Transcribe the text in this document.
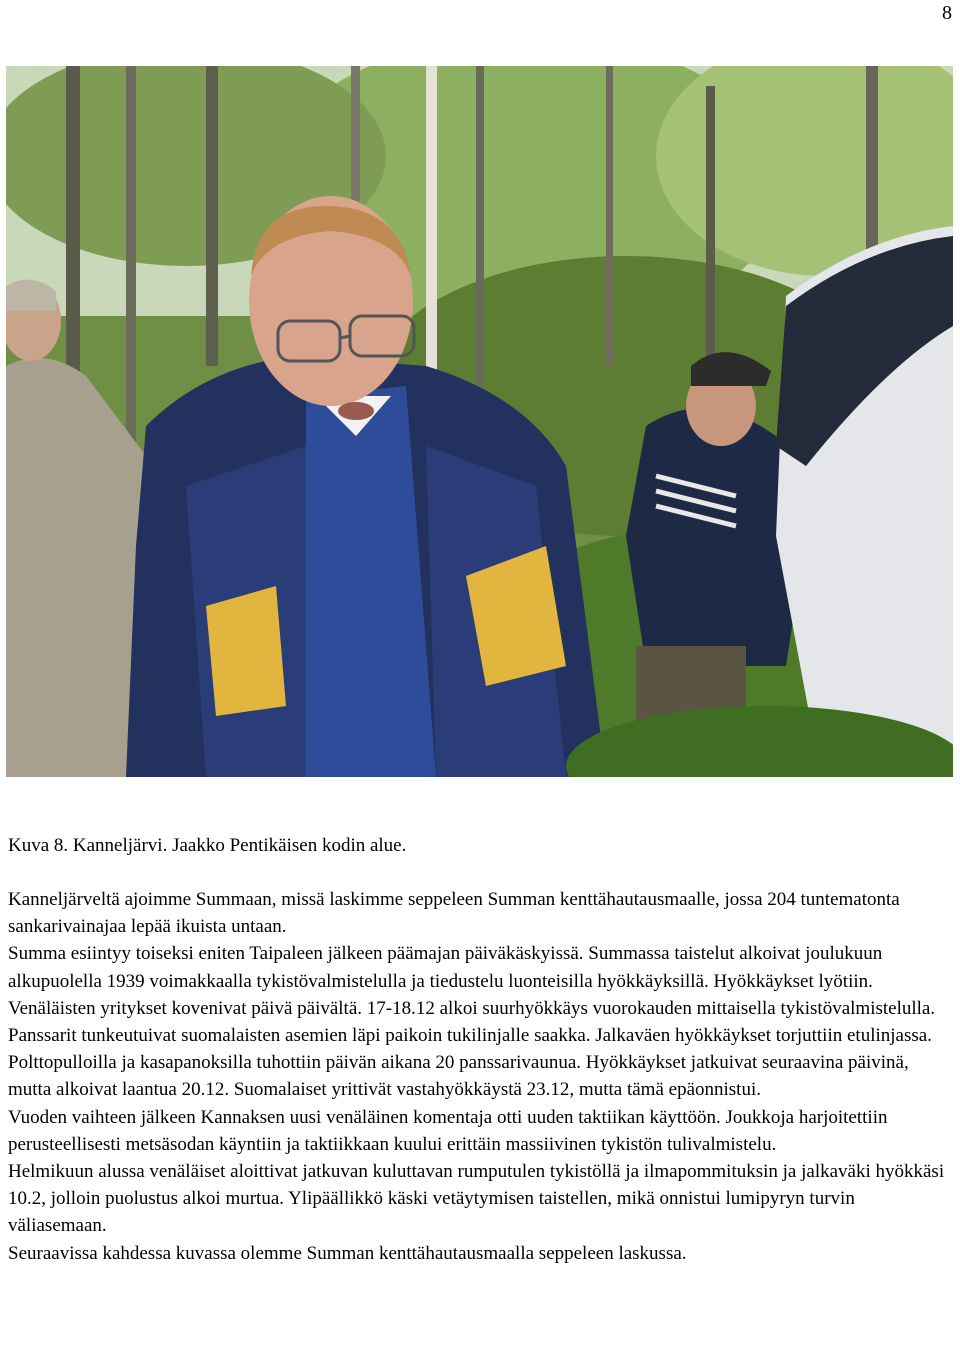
8
Kuva 8. Kanneljärvi. Jaakko Pentikäisen kodin alue.

Kanneljärveltä ajoimme Summaan, missä laskimme seppeleen Summan kenttähautausmaalle, jossa 204 tuntematonta sankarivainajaa lepää ikuista untaan.

Summa esiintyy toiseksi eniten Taipaleen jälkeen päämajan päiväkäskyissä. Summassa taistelut alkoivat joulukuun alkupuolella 1939 voimakkaalla tykistövalmistelulla ja tiedustelu luonteisilla hyökkäyksillä. Hyökkäykset lyötiin. Venäläisten yritykset kovenivat päivä päivältä. 17-18.12 alkoi suurhyökkäys vuorokauden mittaisella tykistövalmistelulla. Panssarit tunkeutuivat suomalaisten asemien läpi paikoin tukilinjalle saakka. Jalkaväen hyökkäykset torjuttiin etulinjassa. Polttopulloilla ja kasapanoksilla tuhottiin päivän aikana 20 panssarivaunua. Hyökkäykset jatkuivat seuraavina päivinä, mutta alkoivat laantua 20.12. Suomalaiset yrittivät vastahyökkäystä 23.12, mutta tämä epäonnistui.

Vuoden vaihteen jälkeen Kannaksen uusi venäläinen komentaja otti uuden taktiikan käyttöön. Joukkoja harjoitettiin perusteellisesti metsäsodan käyntiin ja taktiikkaan kuului erittäin massiivinen tykistön tulivalmistelu.

Helmikuun alussa venäläiset aloittivat jatkuvan kuluttavan rumputulen tykistöllä ja ilmapommituksin ja jalkaväki hyökkäsi 10.2, jolloin puolustus alkoi murtua. Ylipäällikkö käski vetäytymisen taistellen, mikä onnistui lumipyryn turvin väliasemaan.

Seuraavissa kahdessa kuvassa olemme Summan kenttähautausmaalla seppeleen laskussa.
